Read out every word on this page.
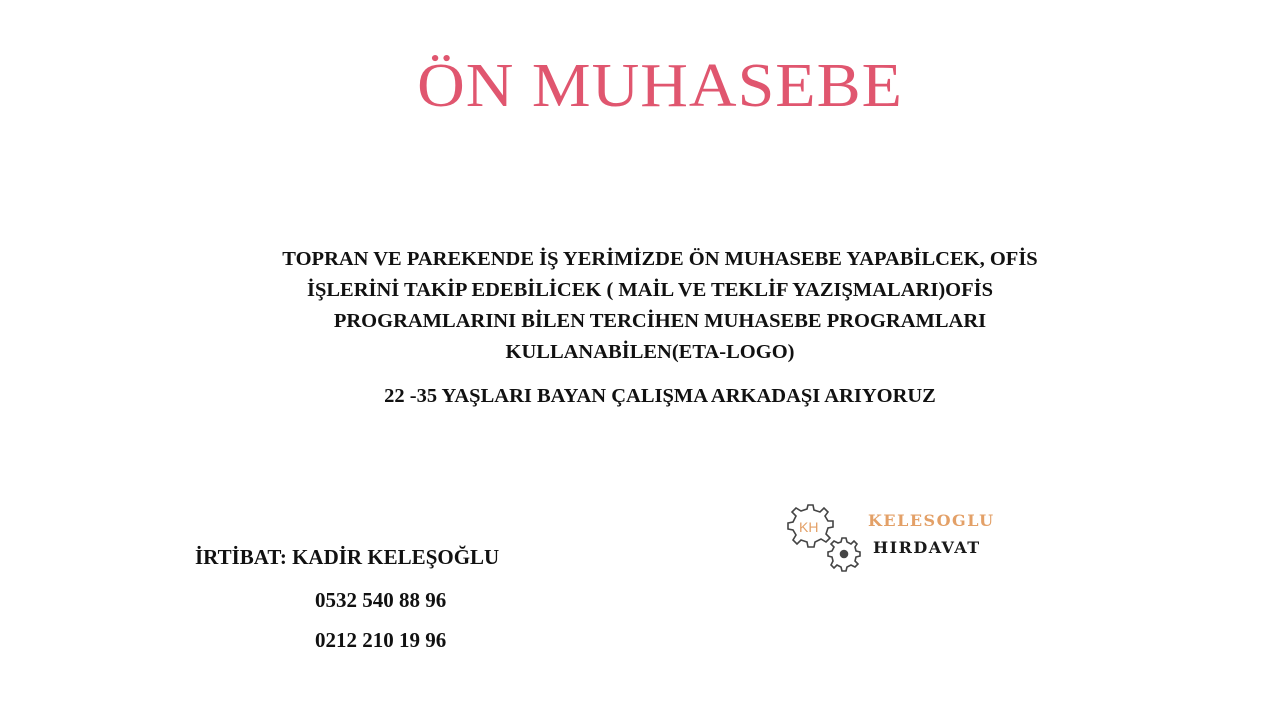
ÖN MUHASEBE
TOPRAN VE PAREKENDE İŞ YERİMİZDE ÖN MUHASEBE YAPABİLCEK, OFİS
İŞLERİNİ TAKİP EDEBİLİCEK ( MAİL VE TEKLİF YAZIŞMALARI)OFİS
PROGRAMLARINI BİLEN TERCİHEN MUHASEBE PROGRAMLARI
KULLANABİLEN(ETA-LOGO)
22 -35 YAŞLARI BAYAN ÇALIŞMA ARKADAŞI ARIYORUZ
İRTİBAT: KADİR KELEŞOĞLU
0532 540 88 96
0212 210 19 96
KH	KELESOGLU
HIRDAVAT
